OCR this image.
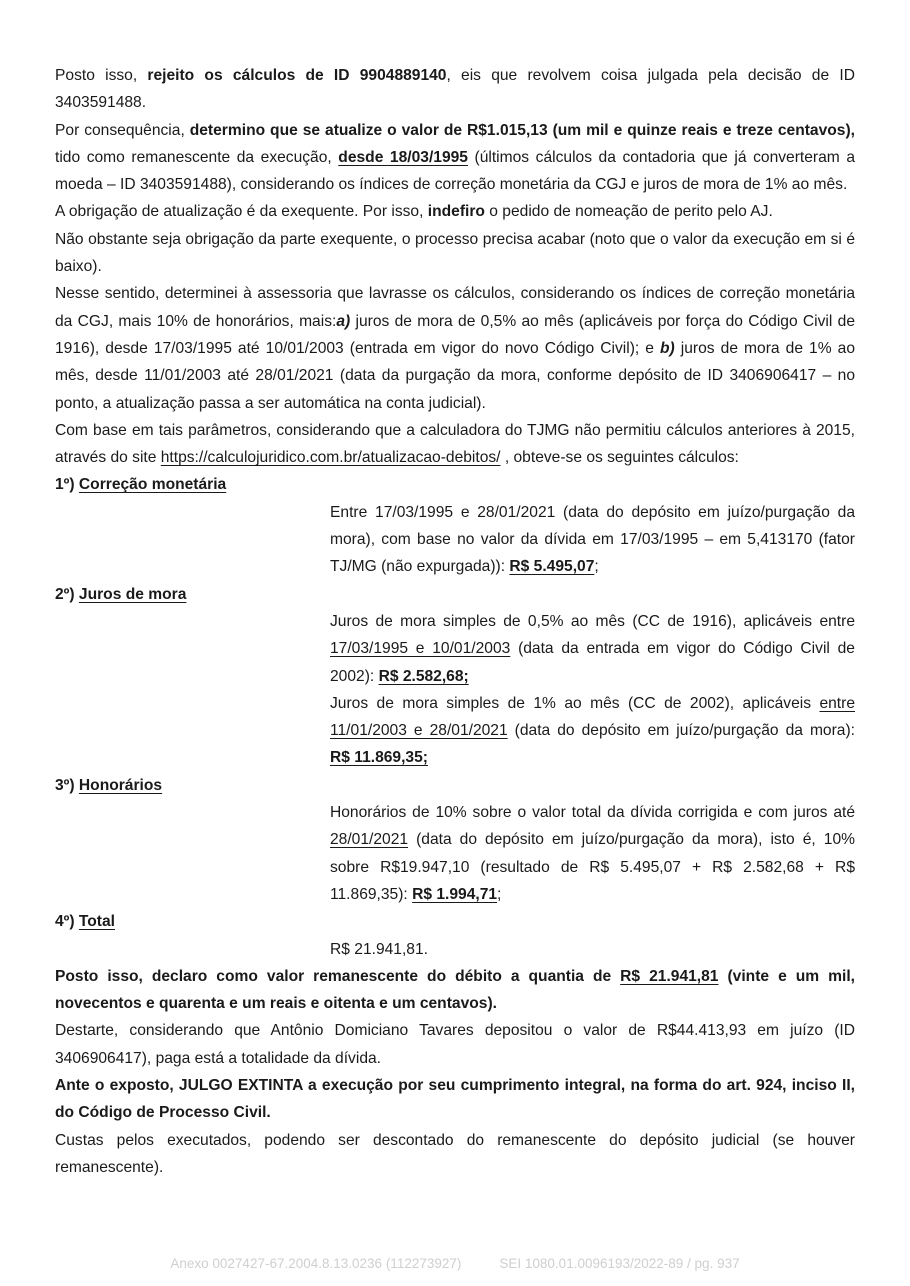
Posto isso, rejeito os cálculos de ID 9904889140, eis que revolvem coisa julgada pela decisão de ID 3403591488.

Por consequência, determino que se atualize o valor de R$1.015,13 (um mil e quinze reais e treze centavos), tido como remanescente da execução, desde 18/03/1995 (últimos cálculos da contadoria que já converteram a moeda – ID 3403591488), considerando os índices de correção monetária da CGJ e juros de mora de 1% ao mês.

A obrigação de atualização é da exequente. Por isso, indefiro o pedido de nomeação de perito pelo AJ.

Não obstante seja obrigação da parte exequente, o processo precisa acabar (noto que o valor da execução em si é baixo).

Nesse sentido, determinei à assessoria que lavrasse os cálculos, considerando os índices de correção monetária da CGJ, mais 10% de honorários, mais:a) juros de mora de 0,5% ao mês (aplicáveis por força do Código Civil de 1916), desde 17/03/1995 até 10/01/2003 (entrada em vigor do novo Código Civil); e b) juros de mora de 1% ao mês, desde 11/01/2003 até 28/01/2021 (data da purgação da mora, conforme depósito de ID 3406906417 – no ponto, a atualização passa a ser automática na conta judicial).

Com base em tais parâmetros, considerando que a calculadora do TJMG não permitiu cálculos anteriores à 2015, através do site https://calculojuridico.com.br/atualizacao-debitos/ , obteve-se os seguintes cálculos:

1º) Correção monetária

Entre 17/03/1995 e 28/01/2021 (data do depósito em juízo/purgação da mora), com base no valor da dívida em 17/03/1995 – em 5,413170 (fator TJ/MG (não expurgada)): R$ 5.495,07;

2º) Juros de mora

Juros de mora simples de 0,5% ao mês (CC de 1916), aplicáveis entre 17/03/1995 e 10/01/2003 (data da entrada em vigor do Código Civil de 2002): R$ 2.582,68;

Juros de mora simples de 1% ao mês (CC de 2002), aplicáveis entre 11/01/2003 e 28/01/2021 (data do depósito em juízo/purgação da mora): R$ 11.869,35;

3º) Honorários

Honorários de 10% sobre o valor total da dívida corrigida e com juros até 28/01/2021 (data do depósito em juízo/purgação da mora), isto é, 10% sobre R$19.947,10 (resultado de R$ 5.495,07 + R$ 2.582,68 + R$ 11.869,35): R$ 1.994,71;

4º) Total

R$ 21.941,81.

Posto isso, declaro como valor remanescente do débito a quantia de R$ 21.941,81 (vinte e um mil, novecentos e quarenta e um reais e oitenta e um centavos).

Destarte, considerando que Antônio Domiciano Tavares depositou o valor de R$44.413,93 em juízo (ID 3406906417), paga está a totalidade da dívida.

Ante o exposto, JULGO EXTINTA a execução por seu cumprimento integral, na forma do art. 924, inciso II, do Código de Processo Civil.

Custas pelos executados, podendo ser descontado do remanescente do depósito judicial (se houver remanescente).

Anexo 0027427-67.2004.8.13.0236 (112273927)	SEI 1080.01.0096193/2022-89 / pg. 937
